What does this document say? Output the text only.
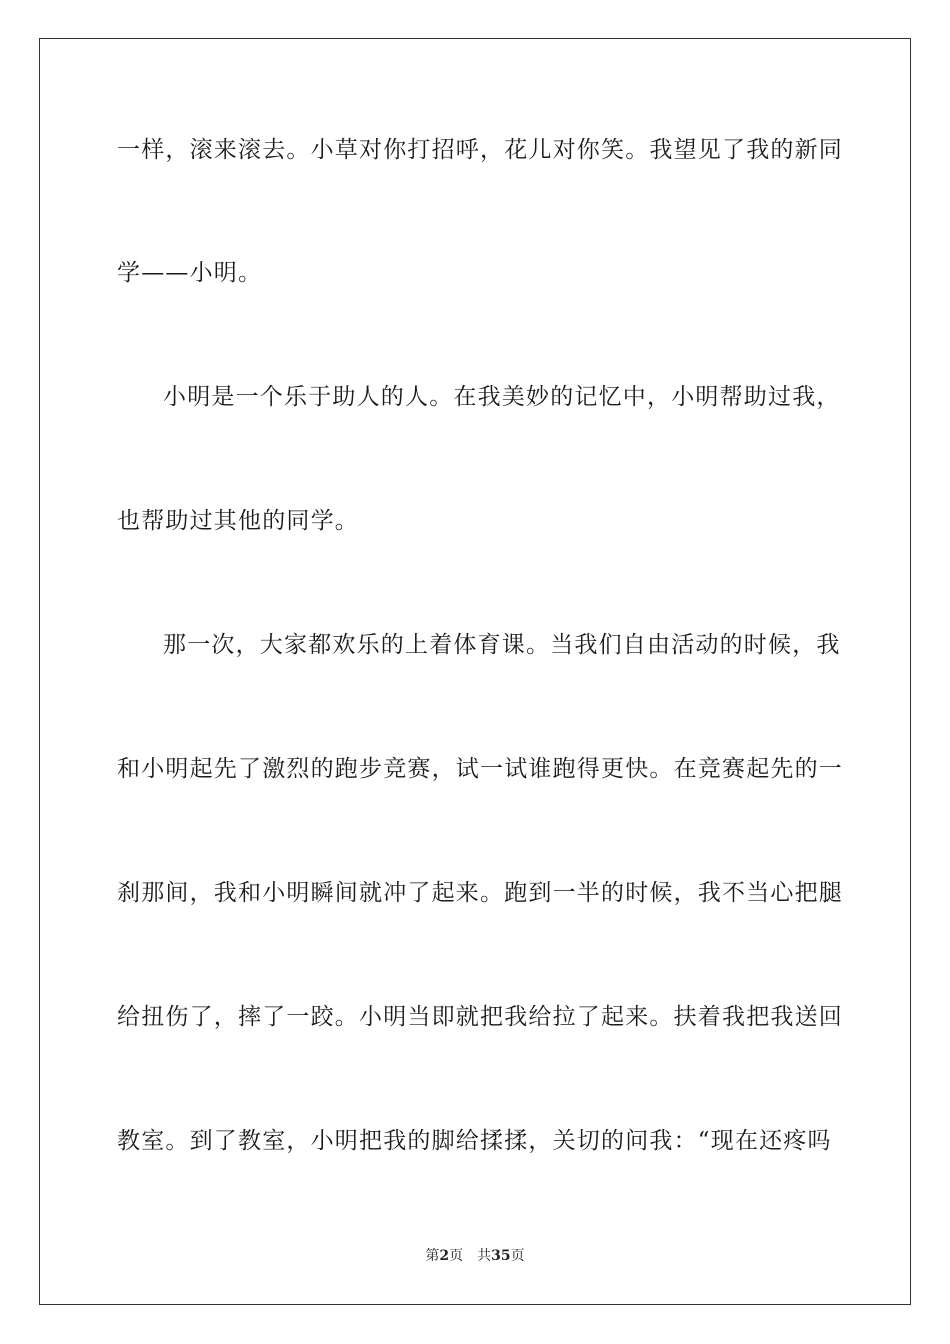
一样，滚来滚去。小草对你打招呼，花儿对你笑。我望见了我的新同
学——小明。
小明是一个乐于助人的人。在我美妙的记忆中，小明帮助过我，
也帮助过其他的同学。
那一次，大家都欢乐的上着体育课。当我们自由活动的时候，我
和小明起先了激烈的跑步竞赛，试一试谁跑得更快。在竞赛起先的一
刹那间，我和小明瞬间就冲了起来。跑到一半的时候，我不当心把腿
给扭伤了，摔了一跤。小明当即就把我给拉了起来。扶着我把我送回
教室。到了教室，小明把我的脚给揉揉，关切的问我：“现在还疼吗
第2页 共35页
